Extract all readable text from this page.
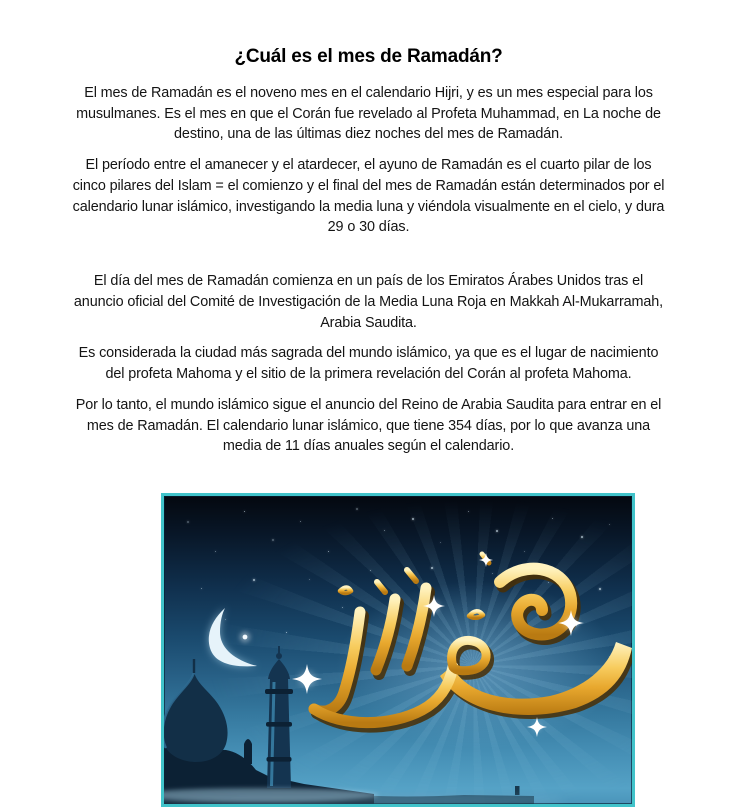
¿Cuál es el mes de Ramadán?

El mes de Ramadán es el noveno mes en el calendario Hijri, y es un mes especial para los musulmanes. Es el mes en que el Corán fue revelado al Profeta Muhammad, en La noche de destino, una de las últimas diez noches del mes de Ramadán.

El período entre el amanecer y el atardecer, el ayuno de Ramadán es el cuarto pilar de los cinco pilares del Islam = el comienzo y el final del mes de Ramadán están determinados por el calendario lunar islámico, investigando la media luna y viéndola visualmente en el cielo, y dura 29 o 30 días.

El día del mes de Ramadán comienza en un país de los Emiratos Árabes Unidos tras el anuncio oficial del Comité de Investigación de la Media Luna Roja en Makkah Al-Mukarramah, Arabia Saudita.

Es considerada la ciudad más sagrada del mundo islámico, ya que es el lugar de nacimiento del profeta Mahoma y el sitio de la primera revelación del Corán al profeta Mahoma.

Por lo tanto, el mundo islámico sigue el anuncio del Reino de Arabia Saudita para entrar en el mes de Ramadán. El calendario lunar islámico, que tiene 354 días, por lo que avanza una media de 11 días anuales según el calendario.
